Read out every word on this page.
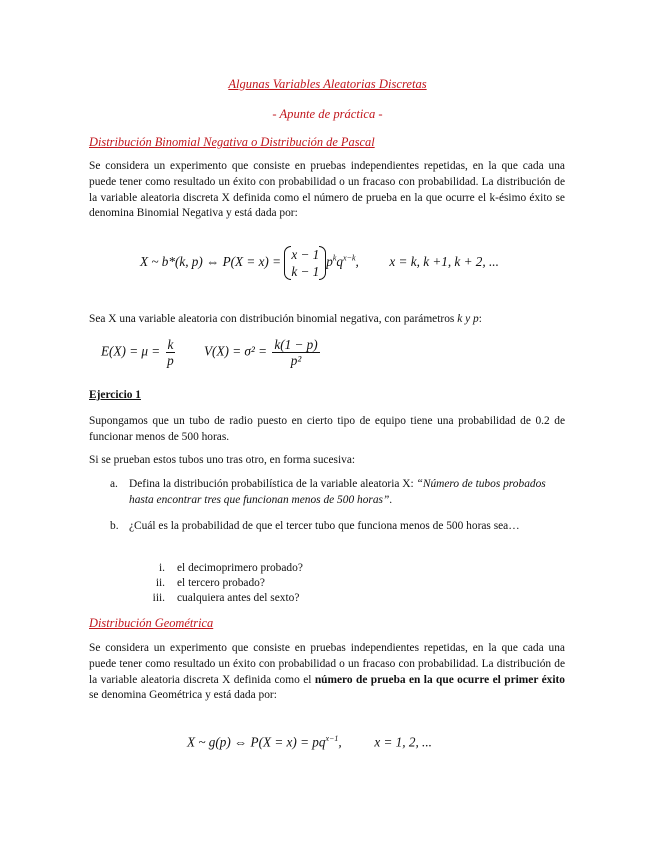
Algunas Variables Aleatorias Discretas
- Apunte de práctica -
Distribución Binomial Negativa o Distribución de Pascal

Se considera un experimento que consiste en pruebas independientes repetidas, en la que cada una puede tener como resultado un éxito con probabilidad o un fracaso con probabilidad. La distribución de la variable aleatoria discreta X definida como el número de prueba en la que ocurre el k-ésimo éxito se denomina Binomial Negativa y está dada por:

X ~ b*(k, p) ⇔ P(X = x) = x − 1
k − 1
$p^kq^{x-k}$,  x = k, k +1, k + 2, ...
Sea X una variable aleatoria con distribución binomial negativa, con parámetros k y p:
$E(X) = \mu = \frac{k}{p} V(X) = \sigma^2 = \frac{k(1 - p)}{\text{p²}}$
Ejercicio 1

Supongamos que un tubo de radio puesto en cierto tipo de equipo tiene una probabilidad de 0.2 de funcionar menos de 500 horas.

Si se prueban estos tubos uno tras otro, en forma sucesiva:

a. Defina la distribución probabilística de la variable aleatoria X: “Número de tubos probados hasta encontrar tres que funcionan menos de 500 horas”.
b. ¿Cuál es la probabilidad de que el tercer tubo que funciona menos de 500 horas sea…
i. el decimoprimero probado?
ii. el tercero probado?
iii. cualquiera antes del sexto?
Distribución Geométrica

Se considera un experimento que consiste en pruebas independientes repetidas, en la que cada una puede tener como resultado un éxito con probabilidad o un fracaso con probabilidad. La distribución de la variable aleatoria discreta X definida como el número de prueba en la que ocurre el primer éxito se denomina Geométrica y está dada por:

X ~ g(p) ⇔ $P(X = x) = pq^{x-1}$,  x = 1, 2, ...
